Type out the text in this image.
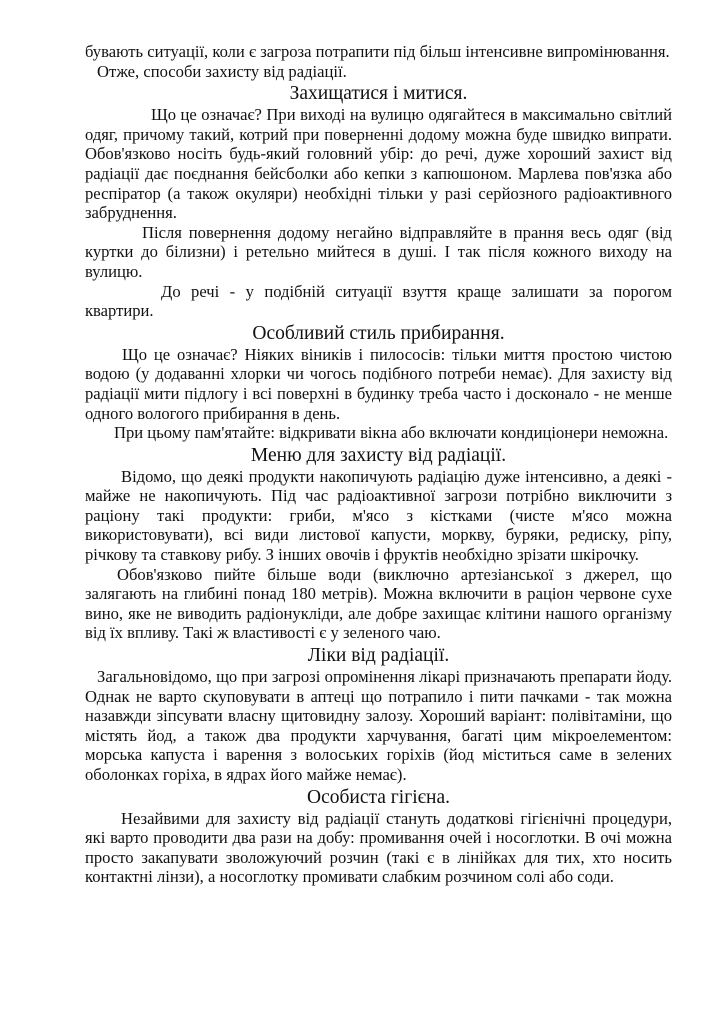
бувають ситуації, коли є загроза потрапити під більш інтенсивне випромінювання.

Отже, способи захисту від радіації.

Захищатися і митися.

Що це означає? При виході на вулицю одягайтеся в максимально світлий одяг, причому такий, котрий при поверненні додому можна буде швидко випрати. Обов'язково носіть будь-який головний убір: до речі, дуже хороший захист від радіації дає поєднання бейсболки або кепки з капюшоном. Марлева пов'язка або респіратор (а також окуляри) необхідні тільки у разі серйозного радіоактивного забруднення.

Після повернення додому негайно відправляйте в прання весь одяг (від куртки до білизни) і ретельно мийтеся в душі. І так після кожного виходу на вулицю.

До речі - у подібній ситуації взуття краще залишати за порогом квартири.

Особливий стиль прибирання.

Що це означає? Ніяких віників і пилососів: тільки миття простою чистою водою (у додаванні хлорки чи чогось подібного потреби немає). Для захисту від радіації мити підлогу і всі поверхні в будинку треба часто і досконало - не менше одного вологого прибирання в день.

При цьому пам'ятайте: відкривати вікна або включати кондиціонери неможна.

Меню для захисту від радіації.

Відомо, що деякі продукти накопичують радіацію дуже інтенсивно, а деякі - майже не накопичують. Під час радіоактивної загрози потрібно виключити з раціону такі продукти: гриби, м'ясо з кістками (чисте м'ясо можна використовувати), всі види листової капусти, моркву, буряки, редиску, ріпу, річкову та ставкову рибу. З інших овочів і фруктів необхідно зрізати шкірочку.

Обов'язково пийте більше води (виключно артезіанської з джерел, що залягають на глибині понад 180 метрів). Можна включити в раціон червоне сухе вино, яке не виводить радіонукліди, але добре захищає клітини нашого організму від їх впливу. Такі ж властивості є у зеленого чаю.

Ліки від радіації.

Загальновідомо, що при загрозі опромінення лікарі призначають препарати йоду. Однак не варто скуповувати в аптеці що потрапило і пити пачками - так можна назавжди зіпсувати власну щитовидну залозу. Хороший варіант: полівітаміни, що містять йод, а також два продукти харчування, багаті цим мікроелементом: морська капуста і варення з волоських горіхів (йод міститься саме в зелених оболонках горіха, в ядрах його майже немає).

Особиста гігієна.

Незайвими для захисту від радіації стануть додаткові гігієнічні процедури, які варто проводити два рази на добу: промивання очей і носоглотки. В очі можна просто закапувати зволожуючий розчин (такі є в лінійках для тих, хто носить контактні лінзи), а носоглотку промивати слабким розчином солі або соди.
